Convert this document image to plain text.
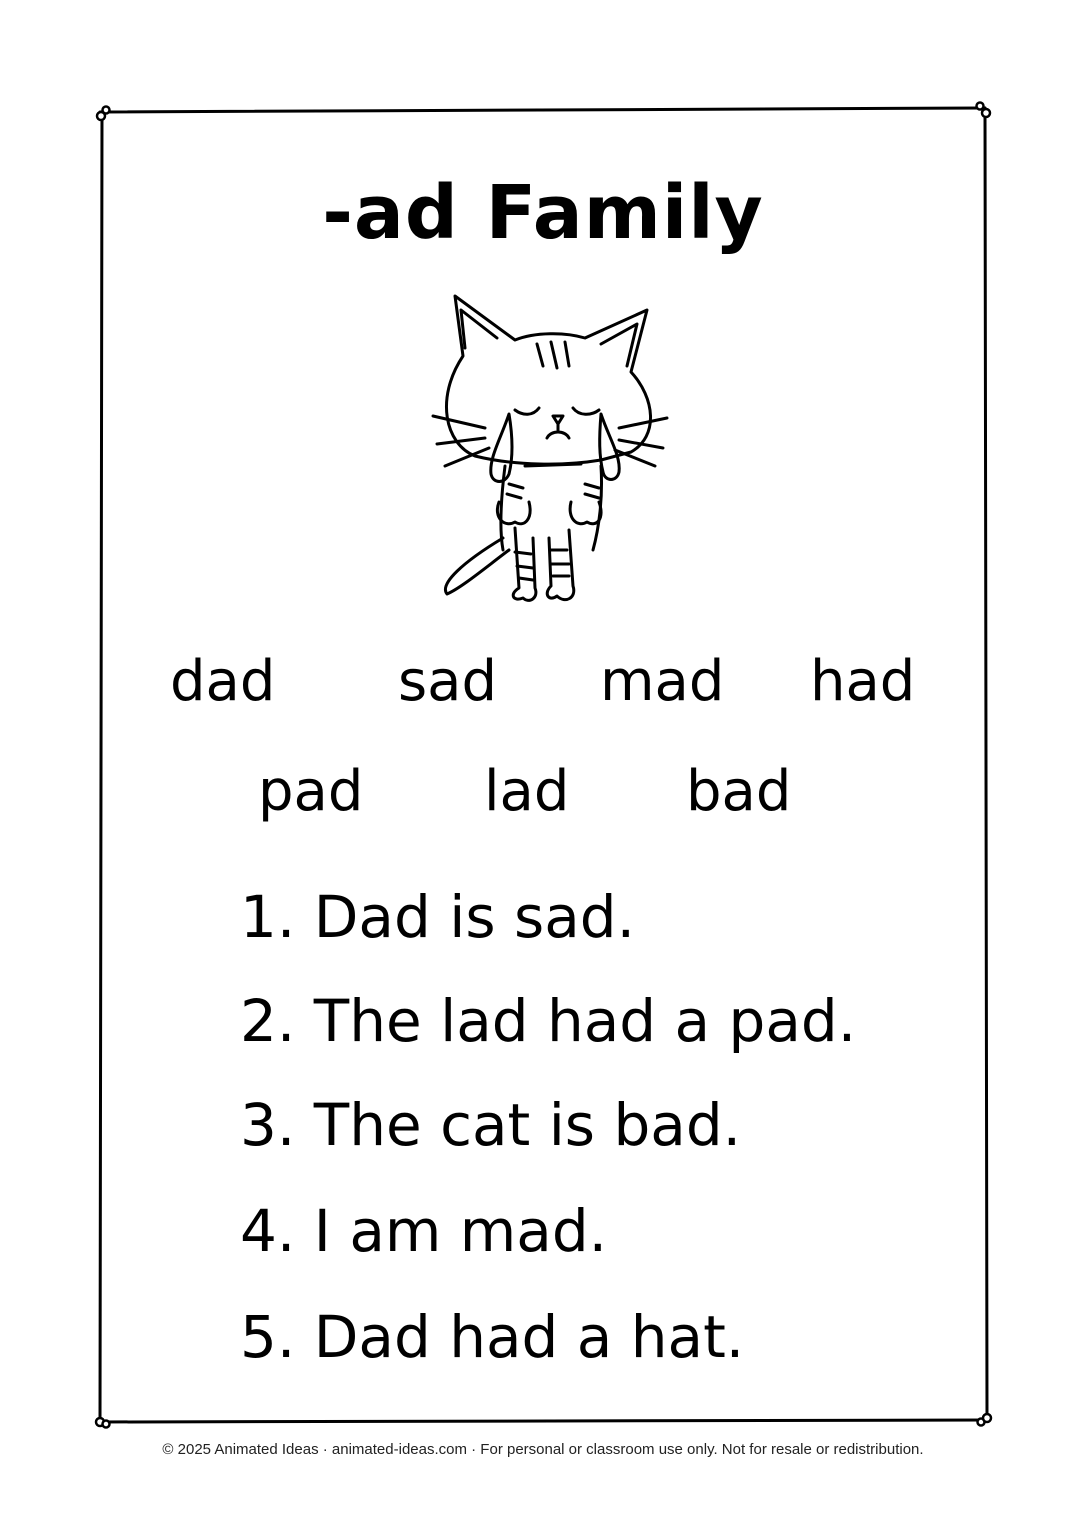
-ad Family
dad sad mad had
pad lad bad
1. Dad is sad.
2. The lad had a pad.
3. The cat is bad.
4. I am mad.
5. Dad had a hat.
© 2025 Animated Ideas · animated-ideas.com · For personal or classroom use only. Not for resale or redistribution.
